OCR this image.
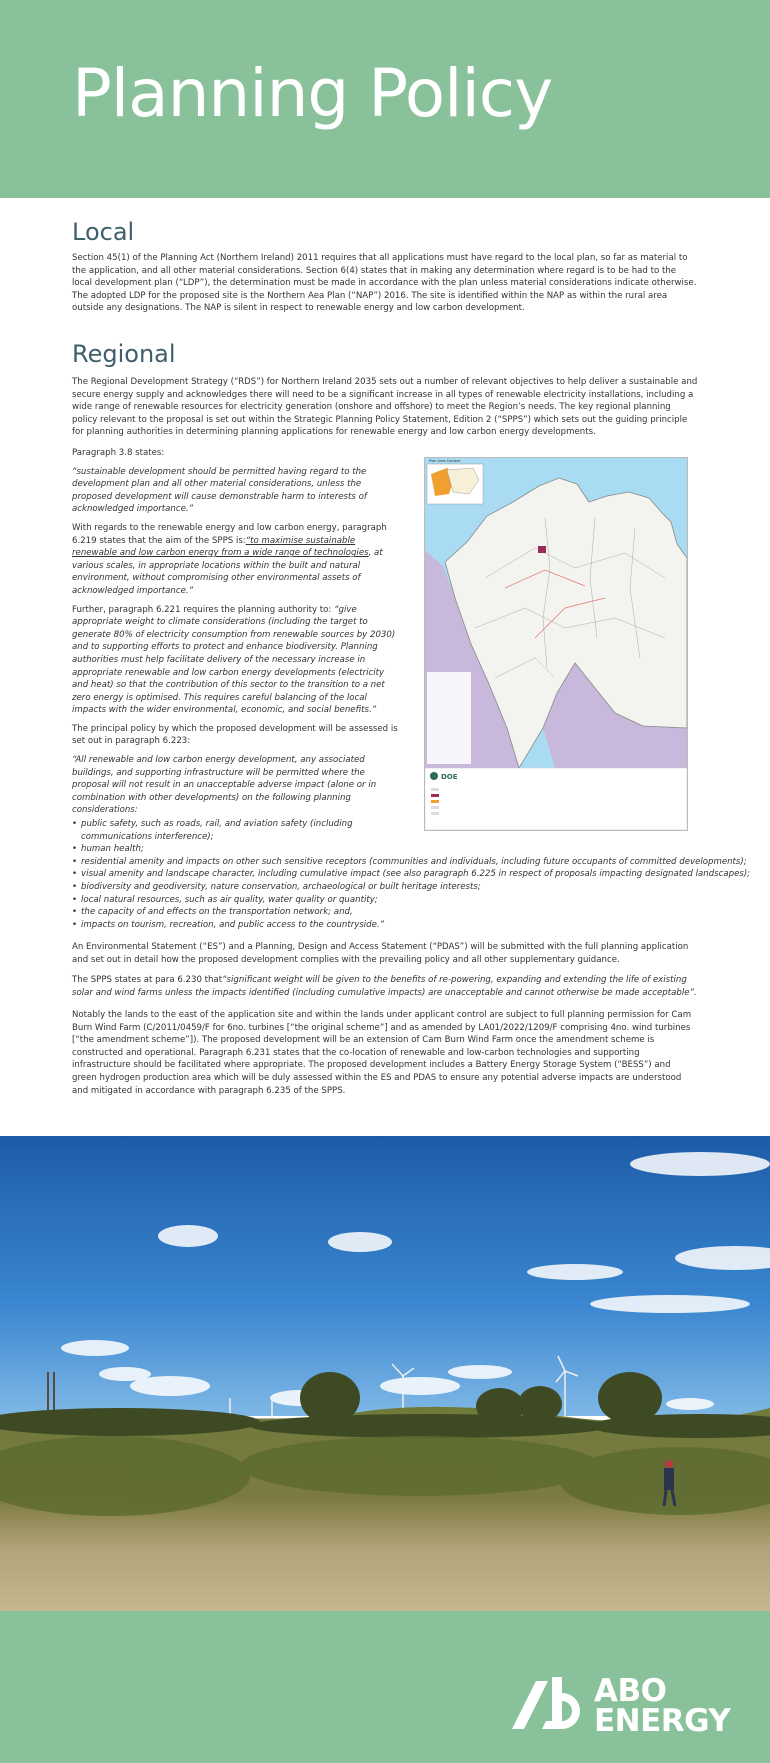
Planning Policy
Local

Section 45(1) of the Planning Act (Northern Ireland) 2011 requires that all applications must have regard to the local plan, so far as material to the application, and all other material considerations. Section 6(4) states that in making any determination where regard is to be had to the local development plan (“LDP”), the determination must be made in accordance with the plan unless material considerations indicate otherwise. The adopted LDP for the proposed site is the Northern Aea Plan (“NAP”) 2016. The site is identified within the NAP as within the rural area outside any designations. The NAP is silent in respect to renewable energy and low carbon development.

Regional

The Regional Development Strategy (“RDS”) for Northern Ireland 2035 sets out a number of relevant objectives to help deliver a sustainable and secure energy supply and acknowledges there will need to be a significant increase in all types of renewable electricity installations, including a wide range of renewable resources for electricity generation (onshore and offshore) to meet the Region’s needs. The key regional planning policy relevant to the proposal is set out within the Strategic Planning Policy Statement, Edition 2 (“SPPS”) which sets out the guiding principle for planning authorities in determining planning applications for renewable energy and low carbon energy developments.

Paragraph 3.8 states:

“sustainable development should be permitted having regard to the development plan and all other material considerations, unless the proposed development will cause demonstrable harm to interests of acknowledged importance.”

With regards to the renewable energy and low carbon energy, paragraph 6.219 states that the aim of the SPPS is:“to maximise sustainable renewable and low carbon energy from a wide range of technologies, at various scales, in appropriate locations within the built and natural environment, without compromising other environmental assets of acknowledged importance.”

Further, paragraph 6.221 requires the planning authority to: “give appropriate weight to climate considerations (including the target to generate 80% of electricity consumption from renewable sources by 2030) and to supporting efforts to protect and enhance biodiversity. Planning authorities must help facilitate delivery of the necessary increase in appropriate renewable and low carbon energy developments (electricity and heat) so that the contribution of this sector to the transition to a net zero energy is optimised. This requires careful balancing of the local impacts with the wider environmental, economic, and social benefits.”

The principal policy by which the proposed development will be assessed is set out in paragraph 6.223:

“All renewable and low carbon energy development, any associated buildings, and supporting infrastructure will be permitted where the proposal will not result in an unacceptable adverse impact (alone or in combination with other developments) on the following planning considerations:

• public safety, such as roads, rail, and aviation safety (including communications interference);
• human health;
• residential amenity and impacts on other such sensitive receptors (communities and individuals, including future occupants of committed developments);
• visual amenity and landscape character, including cumulative impact (see also paragraph 6.225 in respect of proposals impacting designated landscapes);
• biodiversity and geodiversity, nature conservation, archaeological or built heritage interests;
• local natural resources, such as air quality, water quality or quantity;
• the capacity of and effects on the transportation network; and,
• impacts on tourism, recreation, and public access to the countryside.”
Plan Area Context
DOE

An Environmental Statement (“ES”) and a Planning, Design and Access Statement (“PDAS”) will be submitted with the full planning application and set out in detail how the proposed development complies with the prevailing policy and all other supplementary guidance.

The SPPS states at para 6.230 that“significant weight will be given to the benefits of re-powering, expanding and extending the life of existing solar and wind farms unless the impacts identified (including cumulative impacts) are unacceptable and cannot otherwise be made acceptable”.

Notably the lands to the east of the application site and within the lands under applicant control are subject to full planning permission for Cam Burn Wind Farm (C/2011/0459/F for 6no. turbines [“the original scheme”] and as amended by LA01/2022/1209/F comprising 4no. wind turbines [“the amendment scheme”]). The proposed development will be an extension of Cam Burn Wind Farm once the amendment scheme is constructed and operational. Paragraph 6.231 states that the co-location of renewable and low-carbon technologies and supporting infrastructure should be facilitated where appropriate. The proposed development includes a Battery Energy Storage System (“BESS”) and green hydrogen production area which will be duly assessed within the ES and PDAS to ensure any potential adverse impacts are understood and mitigated in accordance with paragraph 6.235 of the SPPS.

ABO
ENERGY
